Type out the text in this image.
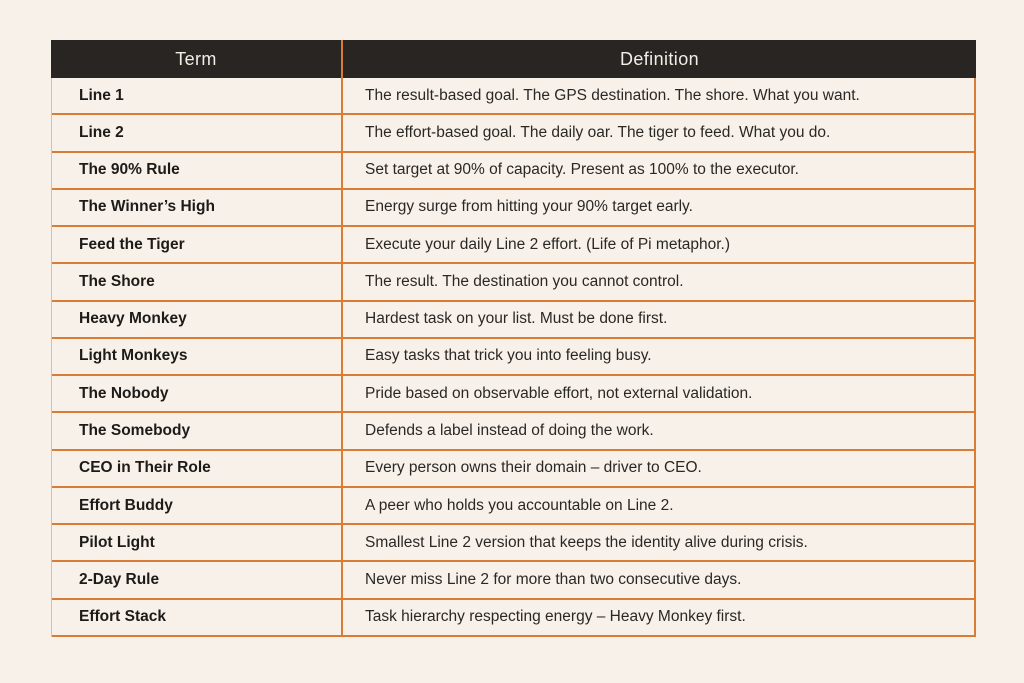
Term	Definition
Line 1	The result-based goal. The GPS destination. The shore. What you want.
Line 2	The effort-based goal. The daily oar. The tiger to feed. What you do.
The 90% Rule	Set target at 90% of capacity. Present as 100% to the executor.
The Winner’s High	Energy surge from hitting your 90% target early.
Feed the Tiger	Execute your daily Line 2 effort. (Life of Pi metaphor.)
The Shore	The result. The destination you cannot control.
Heavy Monkey	Hardest task on your list. Must be done first.
Light Monkeys	Easy tasks that trick you into feeling busy.
The Nobody	Pride based on observable effort, not external validation.
The Somebody	Defends a label instead of doing the work.
CEO in Their Role	Every person owns their domain – driver to CEO.
Effort Buddy	A peer who holds you accountable on Line 2.
Pilot Light	Smallest Line 2 version that keeps the identity alive during crisis.
2-Day Rule	Never miss Line 2 for more than two consecutive days.
Effort Stack	Task hierarchy respecting energy – Heavy Monkey first.
